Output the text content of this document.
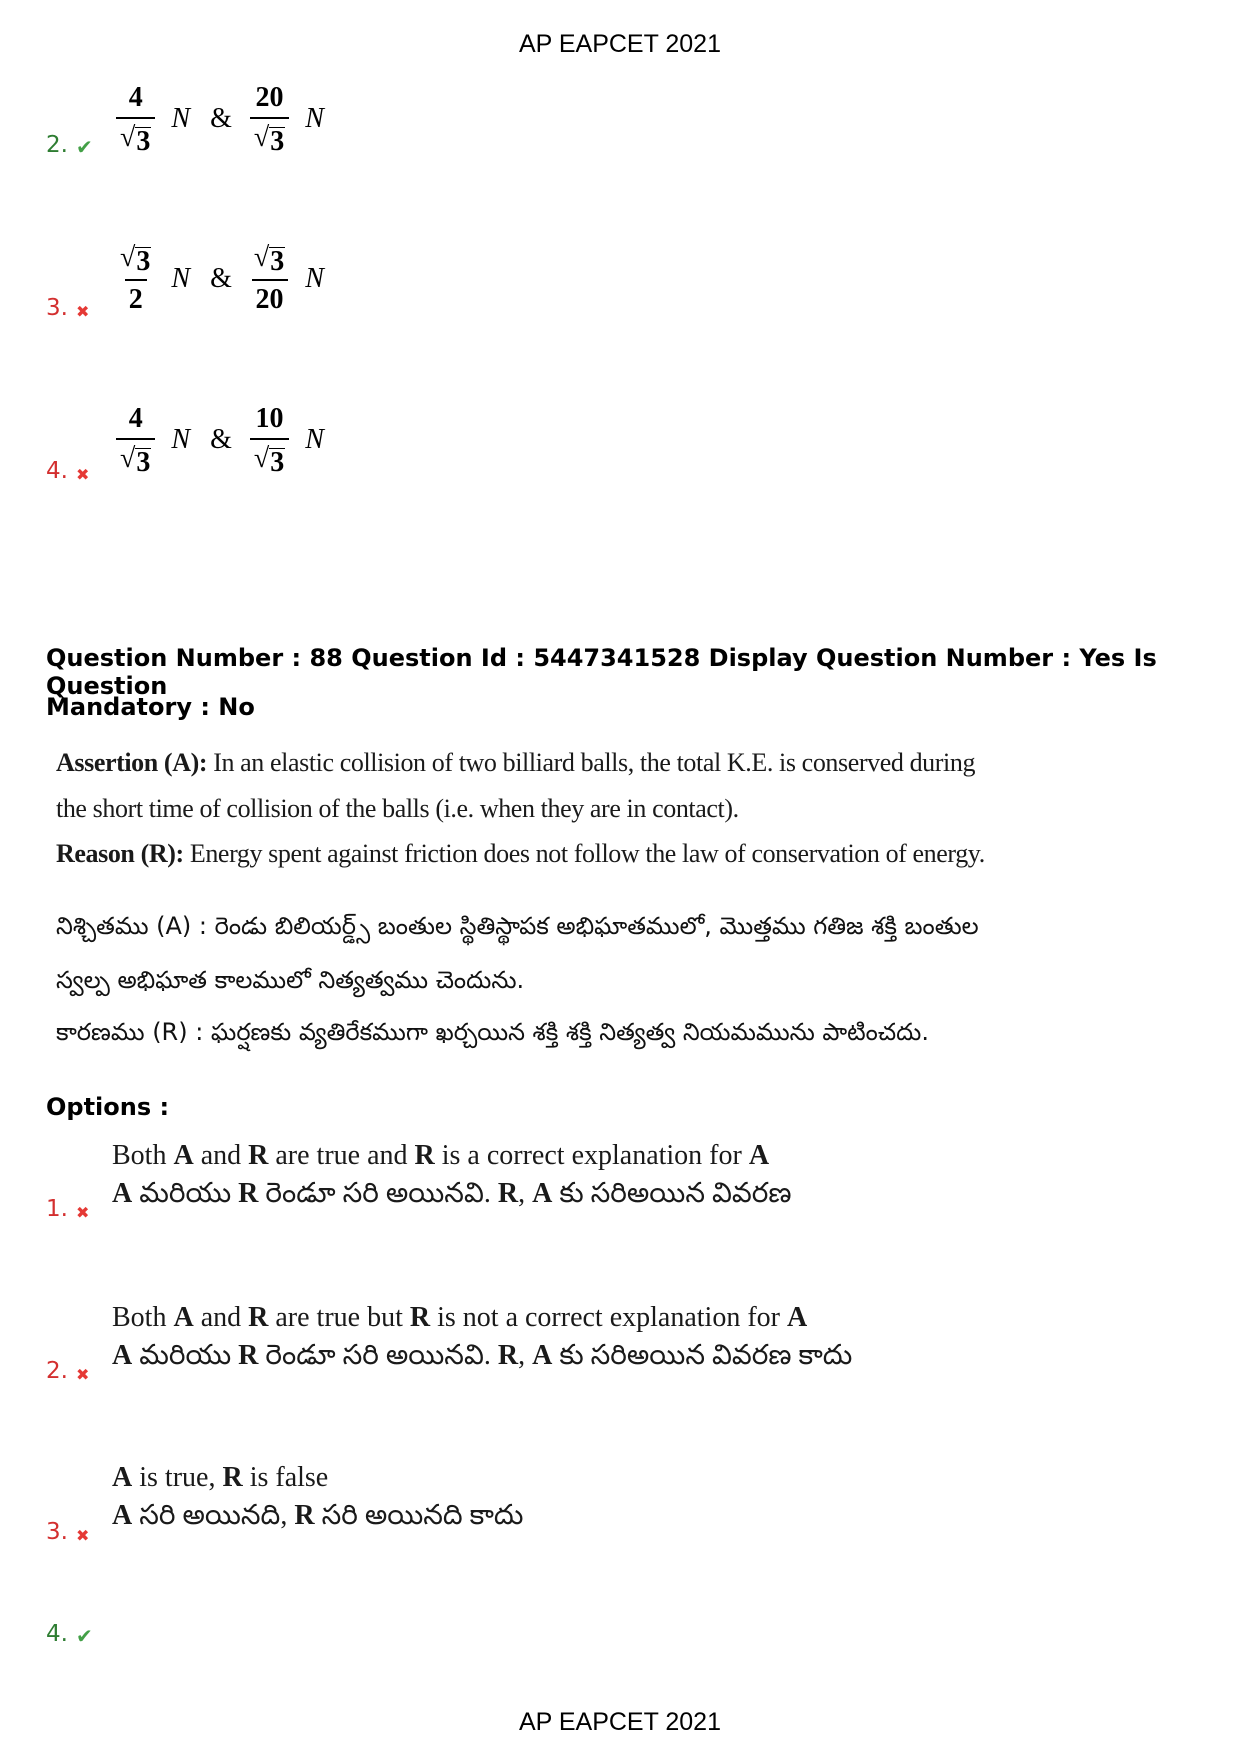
AP EAPCET 2021
2. ✔ $\frac{4}{√ 3}$ N & $\frac{20}{√ 3}$ N
3. ✖ $\frac{√ 3}{2}$ N & $\frac{√ 3}{20}$ N
4. ✖ $\frac{4}{√ 3}$ N & $\frac{10}{√ 3}$ N
Question Number : 88 Question Id : 5447341528 Display Question Number : Yes Is Question
Mandatory : No
Assertion (A): In an elastic collision of two billiard balls, the total K.E. is conserved during
the short time of collision of the balls (i.e. when they are in contact).
Reason (R): Energy spent against friction does not follow the law of conservation of energy.
నిశ్చితము (A) : రెండు బిలియర్డ్స్ బంతుల స్థితిస్థాపక అభిఘాతములో, మొత్తము గతిజ శక్తి బంతుల
స్వల్ప అభిఘాత కాలములో నిత్యత్వము చెందును.
కారణము (R) : ఘర్షణకు వ్యతిరేకముగా ఖర్చయిన శక్తి శక్తి నిత్యత్వ నియమమును పాటించదు.
Options :
Both A and R are true and R is a correct explanation for A
A మరియు R రెండూ సరి అయినవి. R, A కు సరిఅయిన వివరణ
1. ✖
Both A and R are true but R is not a correct explanation for A
A మరియు R రెండూ సరి అయినవి. R, A కు సరిఅయిన వివరణ కాదు
2. ✖
A is true, R is false
A సరి అయినది, R సరి అయినది కాదు
3. ✖
4. ✔
AP EAPCET 2021
